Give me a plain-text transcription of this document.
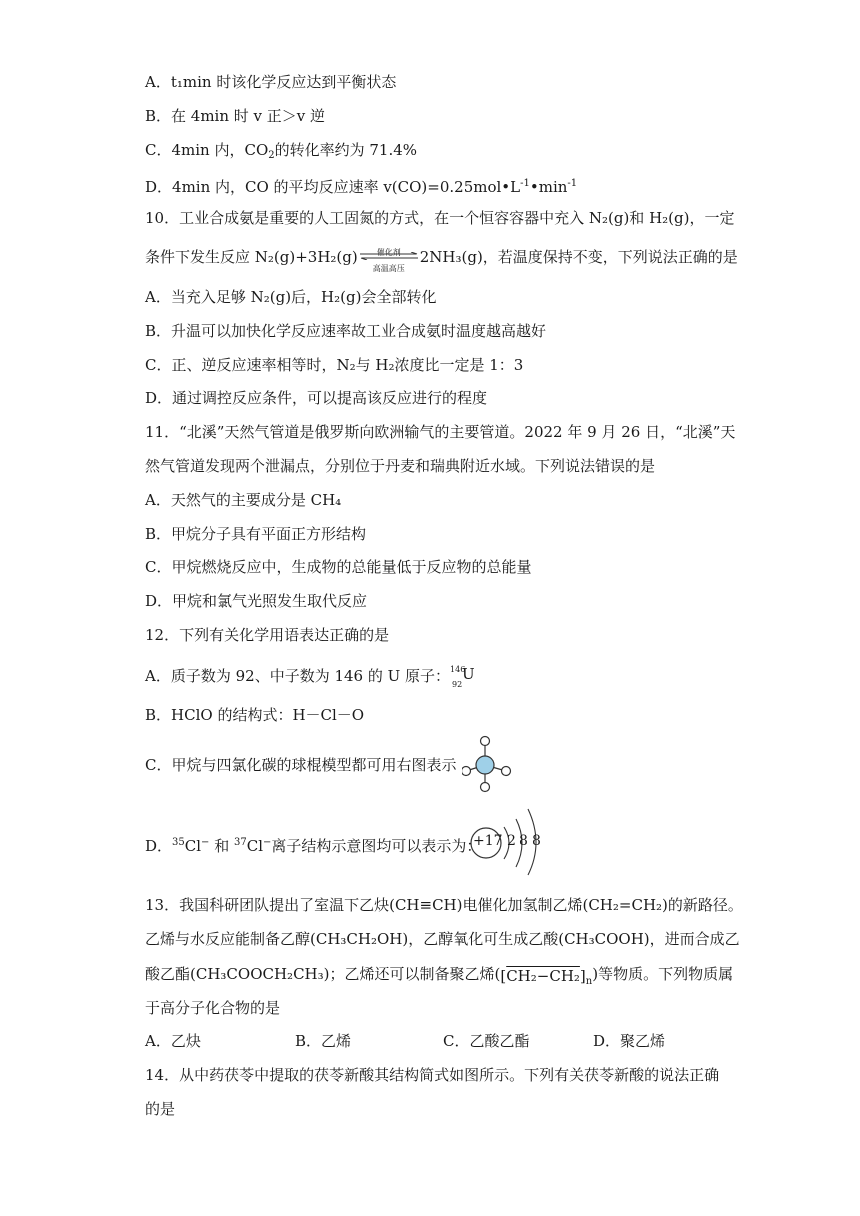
A．t₁min 时该化学反应达到平衡状态
B．在 4min 时 v 正＞v 逆
C．4min 内，$CO_2$的转化率约为 71.4%
D．4min 内，CO 的平均反应速率 $v(CO)=0.25mol•L^{-1}•\min^{-1}$
10．工业合成氨是重要的人工固氮的方式，在一个恒容容器中充入 N₂(g)和 H₂(g)，一定
条件下发生反应 N₂(g)+3H₂(g)	催化剂
高温高压
2NH₃(g)，若温度保持不变，下列说法正确的是
A．当充入足够 N₂(g)后，H₂(g)会全部转化
B．升温可以加快化学反应速率故工业合成氨时温度越高越好
C．正、逆反应速率相等时，N₂与 H₂浓度比一定是 1：3
D．通过调控反应条件，可以提高该反应进行的程度
11．“北溪”天然气管道是俄罗斯向欧洲输气的主要管道。2022 年 9 月 26 日，“北溪”天
然气管道发现两个泄漏点，分别位于丹麦和瑞典附近水域。下列说法错误的是
A．天然气的主要成分是 CH₄
B．甲烷分子具有平面正方形结构
C．甲烷燃烧反应中，生成物的总能量低于反应物的总能量
D．甲烷和氯气光照发生取代反应
12．下列有关化学用语表达正确的是
A．质子数为 92、中子数为 146 的 U 原子： 146
92
U
B．HClO 的结构式：H－Cl－O
C．甲烷与四氯化碳的球棍模型都可用右图表示
D．$^{35}$Cl− 和 $^{37}$Cl−离子结构示意图均可以表示为：
+17 2 8 8
13．我国科研团队提出了室温下乙炔(CH≡CH)电催化加氢制乙烯(CH₂=CH₂)的新路径。
乙烯与水反应能制备乙醇(CH₃CH₂OH)，乙醇氧化可生成乙酸(CH₃COOH)，进而合成乙
酸乙酯(CH₃COOCH₂CH₃)；乙烯还可以制备聚乙烯$([CH_2-CH_2]_n)$等物质。下列物质属
于高分子化合物的是
A．乙炔	B．乙烯	C．乙酸乙酯	D．聚乙烯
14．从中药茯苓中提取的茯苓新酸其结构简式如图所示。下列有关茯苓新酸的说法正确
的是
